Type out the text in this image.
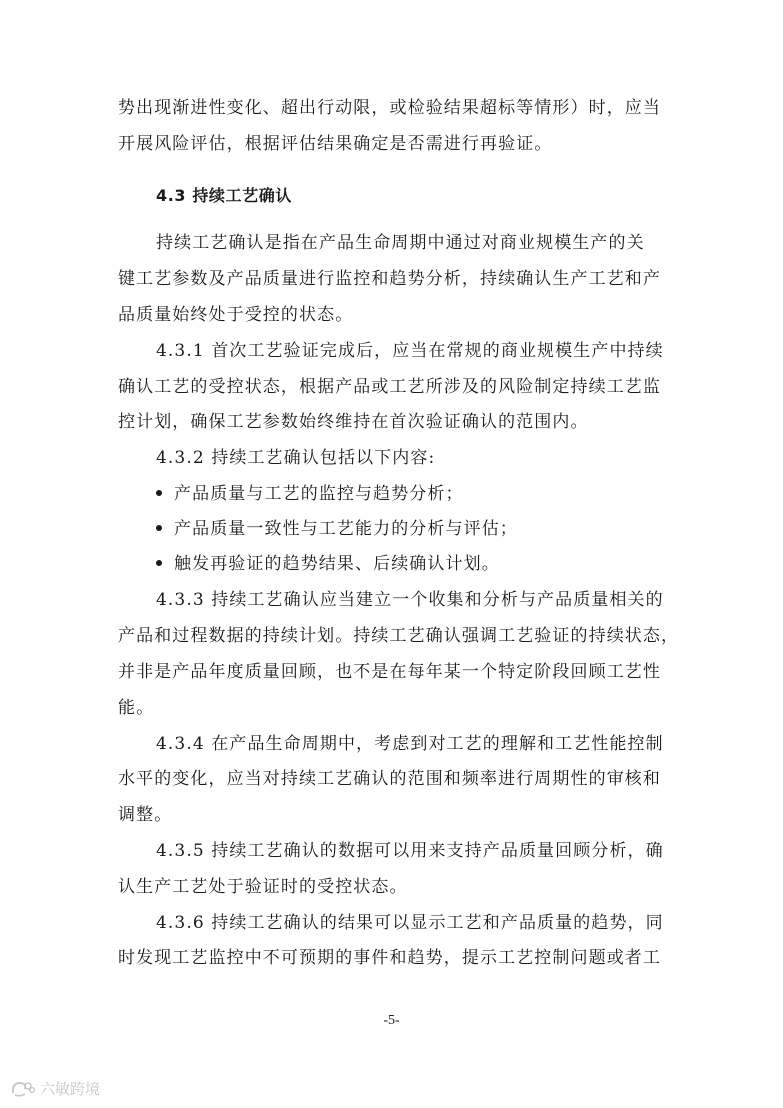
势出现渐进性变化、超出行动限，或检验结果超标等情形）时，应当
开展风险评估，根据评估结果确定是否需进行再验证。
4.3 持续工艺确认
持续工艺确认是指在产品生命周期中通过对商业规模生产的关
键工艺参数及产品质量进行监控和趋势分析，持续确认生产工艺和产
品质量始终处于受控的状态。
4.3.1 首次工艺验证完成后，应当在常规的商业规模生产中持续
确认工艺的受控状态，根据产品或工艺所涉及的风险制定持续工艺监
控计划，确保工艺参数始终维持在首次验证确认的范围内。
4.3.2 持续工艺确认包括以下内容:
产品质量与工艺的监控与趋势分析；
产品质量一致性与工艺能力的分析与评估；
触发再验证的趋势结果、后续确认计划。
4.3.3 持续工艺确认应当建立一个收集和分析与产品质量相关的
产品和过程数据的持续计划。持续工艺确认强调工艺验证的持续状态，
并非是产品年度质量回顾，也不是在每年某一个特定阶段回顾工艺性
能。
4.3.4 在产品生命周期中，考虑到对工艺的理解和工艺性能控制
水平的变化，应当对持续工艺确认的范围和频率进行周期性的审核和
调整。
4.3.5 持续工艺确认的数据可以用来支持产品质量回顾分析，确
认生产工艺处于验证时的受控状态。
4.3.6 持续工艺确认的结果可以显示工艺和产品质量的趋势，同
时发现工艺监控中不可预期的事件和趋势，提示工艺控制问题或者工
-5-
六敏跨境
